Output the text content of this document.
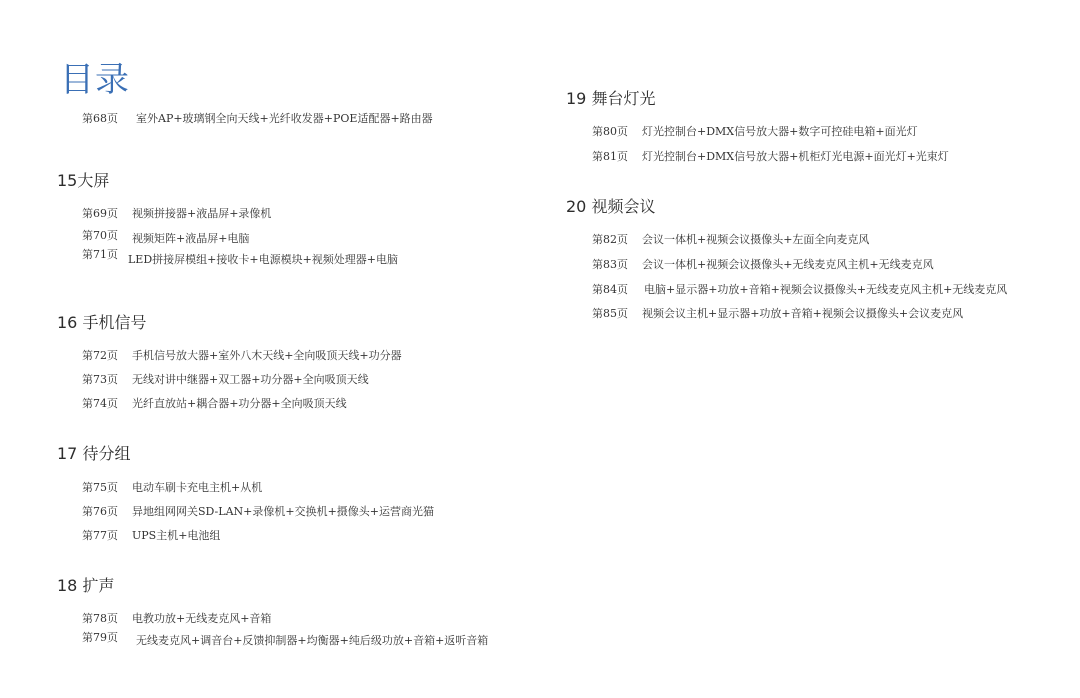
目录
第68页 室外AP+玻璃钢全向天线+光纤收发器+POE适配器+路由器
15大屏
第69页 视频拼接器+液晶屏+录像机
第70页 视频矩阵+液晶屏+电脑
第71页 LED拼接屏模组+接收卡+电源模块+视频处理器+电脑
16 手机信号
第72页 手机信号放大器+室外八木天线+全向吸顶天线+功分器
第73页 无线对讲中继器+双工器+功分器+全向吸顶天线
第74页 光纤直放站+耦合器+功分器+全向吸顶天线
17 待分组
第75页 电动车刷卡充电主机+从机
第76页 异地组网网关SD-LAN+录像机+交换机+摄像头+运营商光猫
第77页 UPS主机+电池组
18 扩声
第78页 电教功放+无线麦克风+音箱
第79页 无线麦克风+调音台+反馈抑制器+均衡器+纯后级功放+音箱+返听音箱
19 舞台灯光
第80页 灯光控制台+DMX信号放大器+数字可控硅电箱+面光灯
第81页 灯光控制台+DMX信号放大器+机柜灯光电源+面光灯+光束灯
20 视频会议
第82页 会议一体机+视频会议摄像头+左面全向麦克风
第83页 会议一体机+视频会议摄像头+无线麦克风主机+无线麦克风
第84页 电脑+显示器+功放+音箱+视频会议摄像头+无线麦克风主机+无线麦克风
第85页 视频会议主机+显示器+功放+音箱+视频会议摄像头+会议麦克风
